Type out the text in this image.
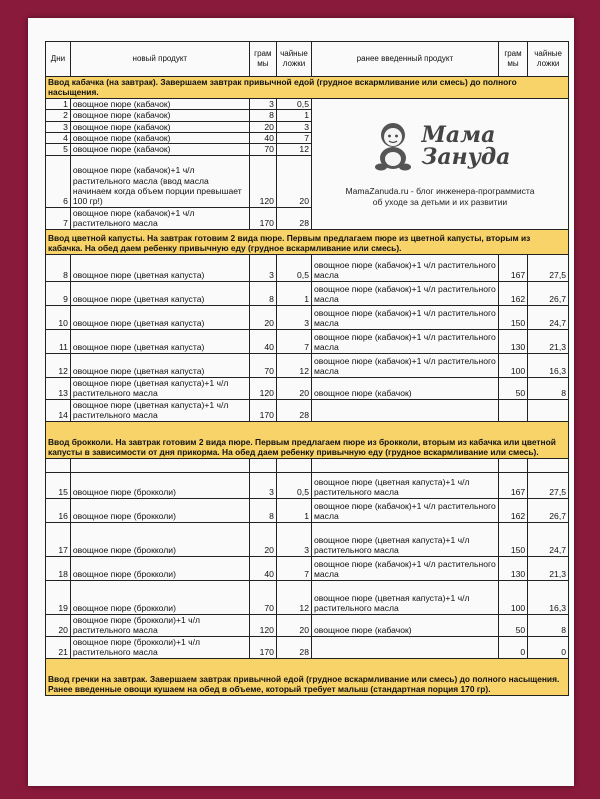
Дни	новый продукт	грам мы	чайные ложки	ранее введенный продукт	грам мы	чайные ложки
Ввод кабачка (на завтрак). Завершаем завтрак привычной едой (грудное вскармливание или смесь) до полного насыщения.						
1	овощное пюре (кабачок)	3	0,5	Мама
Зануда
MamaZanuda.ru - блог инженера-программиста
об уходе за детьми и их развитии		

2	овощное пюре (кабачок)	8	1			
3	овощное пюре (кабачок)	20	3			
4	овощное пюре (кабачок)	40	7			
5	овощное пюре (кабачок)	70	12			
6	овощное пюре (кабачок)+1 ч/л растительного масла (ввод масла начинаем когда объем порции превышает 100 гр!)	120	20			
7	овощное пюре (кабачок)+1 ч/л растительного масла	170	28			
Ввод цветной капусты. На завтрак готовим 2 вида пюре. Первым предлагаем пюре из цветной капусты, вторым из кабачка. На обед даем ребенку привычную еду (грудное вскармливание или смесь).						
8	овощное пюре (цветная капуста)	3	0,5	овощное пюре (кабачок)+1 ч/л растительного масла	167	27,5
9	овощное пюре (цветная капуста)	8	1	овощное пюре (кабачок)+1 ч/л растительного масла	162	26,7
10	овощное пюре (цветная капуста)	20	3	овощное пюре (кабачок)+1 ч/л растительного масла	150	24,7
11	овощное пюре (цветная капуста)	40	7	овощное пюре (кабачок)+1 ч/л растительного масла	130	21,3
12	овощное пюре (цветная капуста)	70	12	овощное пюре (кабачок)+1 ч/л растительного масла	100	16,3
13	овощное пюре (цветная капуста)+1 ч/л растительного масла	120	20	овощное пюре (кабачок)	50	8
14	овощное пюре (цветная капуста)+1 ч/л растительного масла	170	28			
Ввод брокколи. На завтрак готовим 2 вида пюре. Первым предлагаем пюре из брокколи, вторым из кабачка или цветной капусты в зависимости от дня прикорма. На обед даем ребенку привычную еду (грудное вскармливание или смесь).						

15	овощное пюре (брокколи)	3	0,5	овощное пюре (цветная капуста)+1 ч/л растительного масла	167	27,5
16	овощное пюре (брокколи)	8	1	овощное пюре (кабачок)+1 ч/л растительного масла	162	26,7
17	овощное пюре (брокколи)	20	3	овощное пюре (цветная капуста)+1 ч/л растительного масла	150	24,7
18	овощное пюре (брокколи)	40	7	овощное пюре (кабачок)+1 ч/л растительного масла	130	21,3
19	овощное пюре (брокколи)	70	12	овощное пюре (цветная капуста)+1 ч/л растительного масла	100	16,3
20	овощное пюре (брокколи)+1 ч/л растительного масла	120	20	овощное пюре (кабачок)	50	8
21	овощное пюре (брокколи)+1 ч/л растительного масла	170	28		0	0
Ввод гречки на завтрак. Завершаем завтрак привычной едой (грудное вскармливание или смесь) до полного насыщения. Ранее введенные овощи кушаем на обед в объеме, который требует малыш (стандартная порция 170 гр).						
